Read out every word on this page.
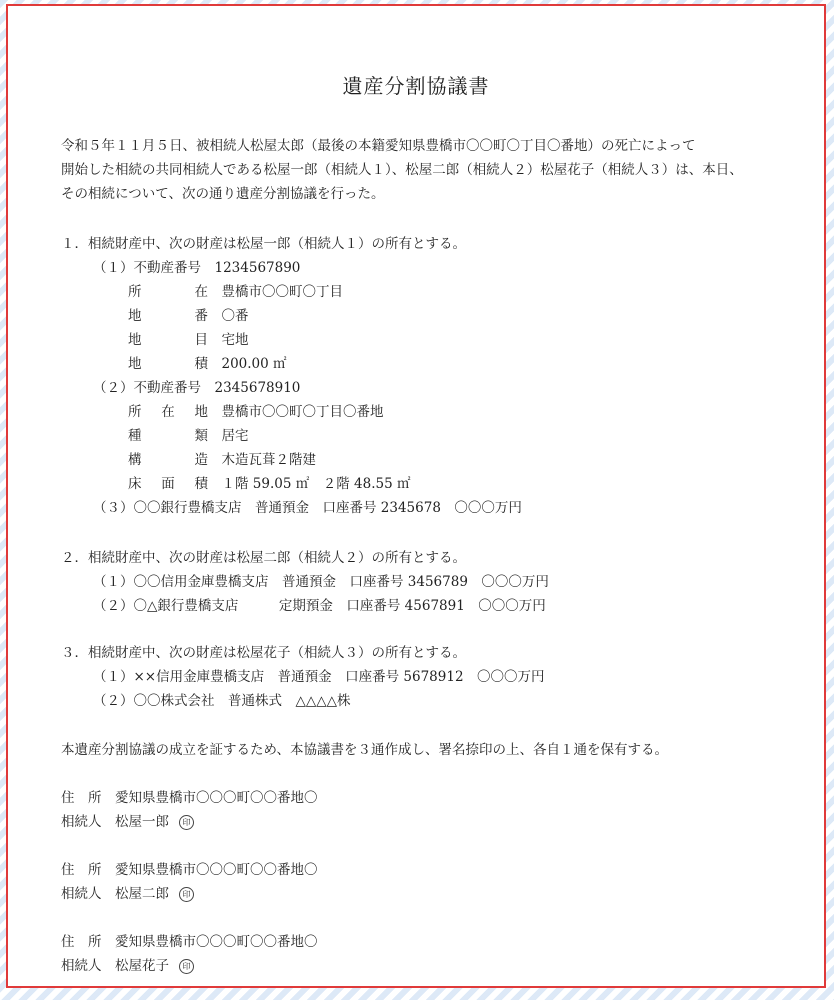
遺産分割協議書
令和５年１１月５日、被相続人松屋太郎（最後の本籍愛知県豊橋市〇〇町〇丁目〇番地）の死亡によって
開始した相続の共同相続人である松屋一郎（相続人１）、松屋二郎（相続人２）松屋花子（相続人３）は、本日、
その相続について、次の通り遺産分割協議を行った。
１．相続財産中、次の財産は松屋一郎（相続人１）の所有とする。
（１）不動産番号　1234567890
所在　 豊橋市〇〇町〇丁目
地番　 〇番
地目　 宅地
地積　 200.00 ㎡
（２）不動産番号　2345678910
所在地　 豊橋市〇〇町〇丁目〇番地
種類　 居宅
構造　 木造瓦葺２階建
床面積　 １階 59.05 ㎡　２階 48.55 ㎡
（３）〇〇銀行豊橋支店　普通預金　口座番号 2345678　〇〇〇万円
２．相続財産中、次の財産は松屋二郎（相続人２）の所有とする。
（１）〇〇信用金庫豊橋支店　普通預金　口座番号 3456789　〇〇〇万円
（２）〇△銀行豊橋支店　　　定期預金　口座番号 4567891　〇〇〇万円
３．相続財産中、次の財産は松屋花子（相続人３）の所有とする。
（１）××信用金庫豊橋支店　普通預金　口座番号 5678912　〇〇〇万円
（２）〇〇株式会社　普通株式　△△△△株
本遺産分割協議の成立を証するため、本協議書を３通作成し、署名捺印の上、各自１通を保有する。
住　所　 愛知県豊橋市〇〇〇町〇〇番地〇
相続人　 松屋一郎 印
住　所　 愛知県豊橋市〇〇〇町〇〇番地〇
相続人　 松屋二郎 印
住　所　 愛知県豊橋市〇〇〇町〇〇番地〇
相続人　 松屋花子 印
